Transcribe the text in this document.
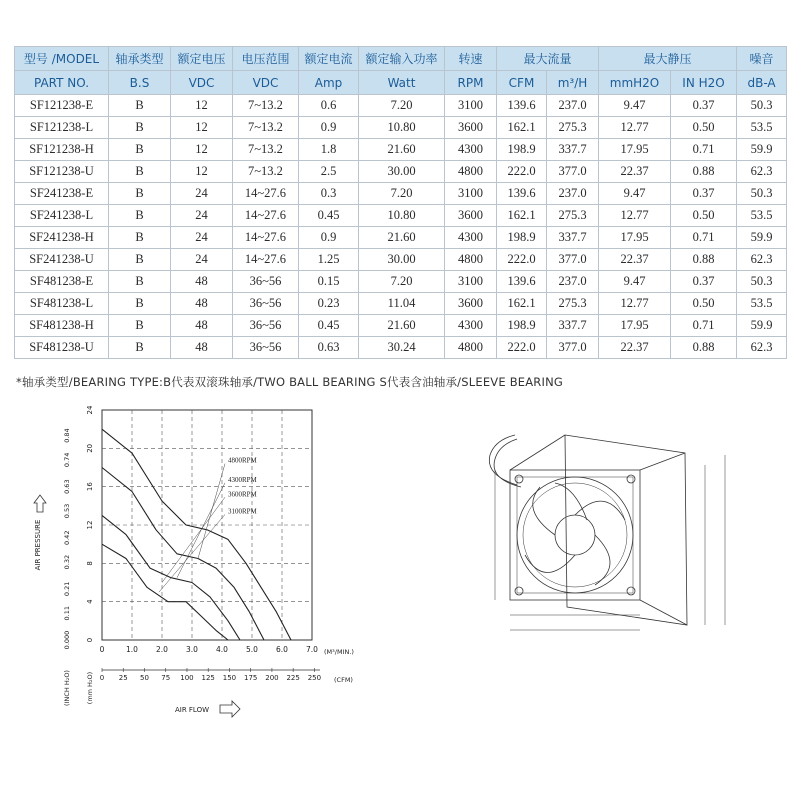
型号 /MODEL	轴承类型	额定电压	电压范围	额定电流	额定输入功率	转速	最大流量		最大静压		噪音
PART NO.	B.S	VDC	VDC	Amp	Watt	RPM	CFM	m³/H	mmH2O	IN H2O	dB-A
SF121238-E	B	12	7~13.2	0.6	7.20	3100	139.6	237.0	9.47	0.37	50.3
SF121238-L	B	12	7~13.2	0.9	10.80	3600	162.1	275.3	12.77	0.50	53.5
SF121238-H	B	12	7~13.2	1.8	21.60	4300	198.9	337.7	17.95	0.71	59.9
SF121238-U	B	12	7~13.2	2.5	30.00	4800	222.0	377.0	22.37	0.88	62.3
SF241238-E	B	24	14~27.6	0.3	7.20	3100	139.6	237.0	9.47	0.37	50.3
SF241238-L	B	24	14~27.6	0.45	10.80	3600	162.1	275.3	12.77	0.50	53.5
SF241238-H	B	24	14~27.6	0.9	21.60	4300	198.9	337.7	17.95	0.71	59.9
SF241238-U	B	24	14~27.6	1.25	30.00	4800	222.0	377.0	22.37	0.88	62.3
SF481238-E	B	48	36~56	0.15	7.20	3100	139.6	237.0	9.47	0.37	50.3
SF481238-L	B	48	36~56	0.23	11.04	3600	162.1	275.3	12.77	0.50	53.5
SF481238-H	B	48	36~56	0.45	21.60	4300	198.9	337.7	17.95	0.71	59.9
SF481238-U	B	48	36~56	0.63	30.24	4800	222.0	377.0	22.37	0.88	62.3
*轴承类型/BEARING TYPE:B代表双滚珠轴承/TWO BALL BEARING S代表含油轴承/SLEEVE BEARING
0	1.0 2.0 3.0 4.0 5.0 6.0 7.0
0 25 50 75 100 125 150 175 200 225 250
(M³/MIN.)
(CFM)
0
4
8
12
16
20
24
0.000
0.11
0.21
0.32
0.42
0.53
0.63
0.74
0.84
(mm H₂O)
(INCH H₂O)
AIR PRESSURE
AIR FLOW
4800RPM
4300RPM
3600RPM
3100RPM
